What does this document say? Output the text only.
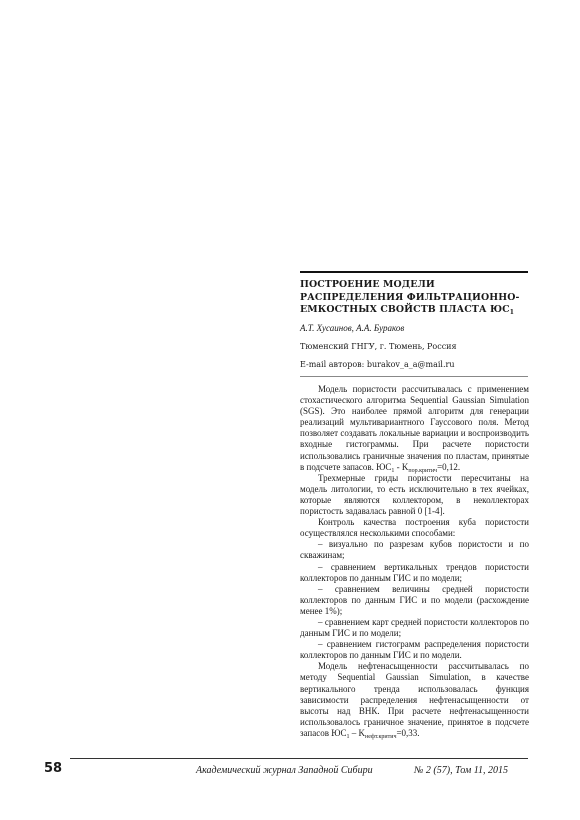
ПОСТРОЕНИЕ МОДЕЛИ РАСПРЕДЕЛЕНИЯ ФИЛЬТРАЦИОННО-ЕМКОСТНЫХ СВОЙСТВ ПЛАСТА $ЮС_1$
А.Т. Хусаинов, А.А. Бураков
Тюменский ГНГУ, г. Тюмень, Россия
E-mail авторов: burakov_a_a@mail.ru

Модель пористости рассчитывалась с применением стохастического алгоритма Sequential Gaussian Simulation (SGS). Это наиболее прямой алгоритм для генерации реализаций мультивариантного Гауссового поля. Метод позволяет создавать локальные вариации и воспроизводить входные гистограммы. При расчете пористости использовались граничные значения по пластам, принятые в подсчете запасов. $ЮС_1 - K_{пор.критич}=0,12$.

Трехмерные гриды пористости пересчитаны на модель литологии, то есть исключительно в тех ячейках, которые являются коллектором, в неколлекторах пористость задавалась равной 0 [1-4].

Контроль качества построения куба пористости осуществлялся несколькими способами:

– визуально по разрезам кубов пористости и по скважинам;

– сравнением вертикальных трендов пористости коллекторов по данным ГИС и по модели;

– сравнением величины средней пористости коллекторов по данным ГИС и по модели (расхождение менее 1%);

– сравнением карт средней пористости коллекторов по данным ГИС и по модели;

– сравнением гистограмм распределения пористости коллекторов по данным ГИС и по модели.

Модель нефтенасыщенности рассчитывалась по методу Sequential Gaussian Simulation, в качестве вертикального тренда использовалась функция зависимости распределения нефтенасыщенности от высоты над ВНК. При расчете нефтенасыщенности использовалось граничное значение, принятое в подсчете запасов $ЮС_1 - K_{нефт.критич}=0,33$.

58	Академический журнал Западной Сибири	№ 2 (57), Том 11, 2015
